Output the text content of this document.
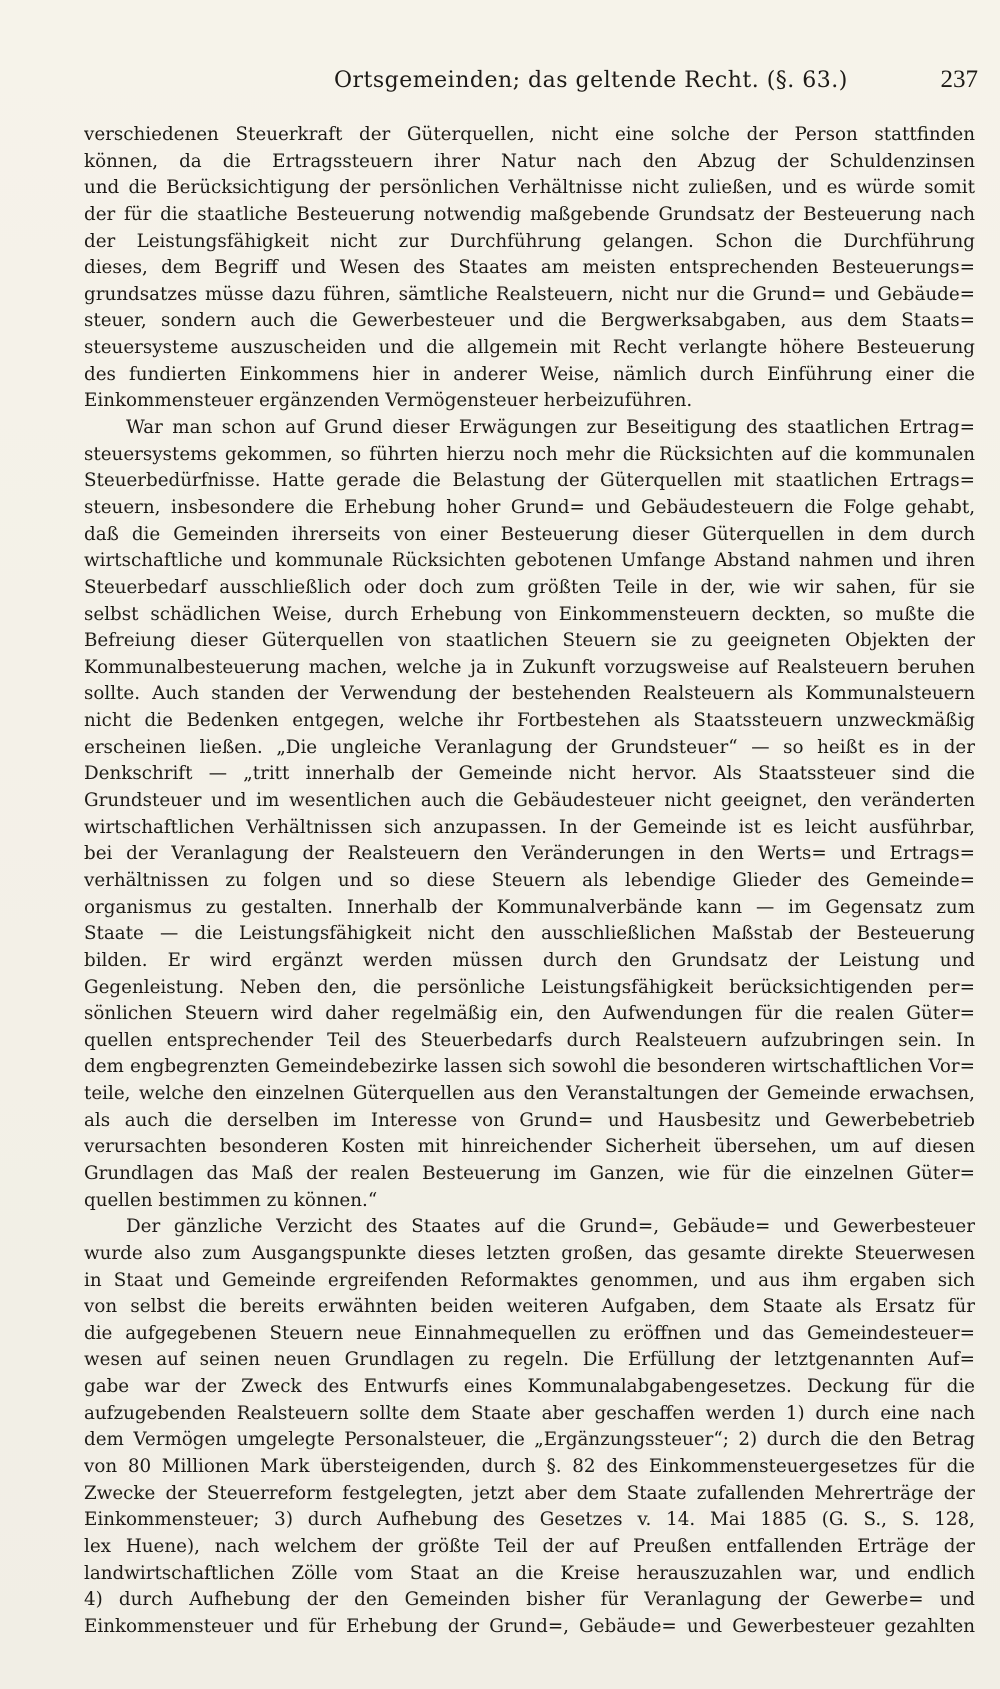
Ortsgemeinden; das geltende Recht. (§. 63.)	237
verschiedenen Steuerkraft der Güterquellen, nicht eine solche der Person stattfinden
können, da die Ertragssteuern ihrer Natur nach den Abzug der Schuldenzinsen
und die Berücksichtigung der persönlichen Verhältnisse nicht zuließen, und es würde somit
der für die staatliche Besteuerung notwendig maßgebende Grundsatz der Besteuerung nach
der Leistungsfähigkeit nicht zur Durchführung gelangen. Schon die Durchführung
dieses, dem Begriff und Wesen des Staates am meisten entsprechenden Besteuerungs=
grundsatzes müsse dazu führen, sämtliche Realsteuern, nicht nur die Grund= und Gebäude=
steuer, sondern auch die Gewerbesteuer und die Bergwerksabgaben, aus dem Staats=
steuersysteme auszuscheiden und die allgemein mit Recht verlangte höhere Besteuerung
des fundierten Einkommens hier in anderer Weise, nämlich durch Einführung einer die
Einkommensteuer ergänzenden Vermögensteuer herbeizuführen.
War man schon auf Grund dieser Erwägungen zur Beseitigung des staatlichen Ertrag=
steuersystems gekommen, so führten hierzu noch mehr die Rücksichten auf die kommunalen
Steuerbedürfnisse. Hatte gerade die Belastung der Güterquellen mit staatlichen Ertrags=
steuern, insbesondere die Erhebung hoher Grund= und Gebäudesteuern die Folge gehabt,
daß die Gemeinden ihrerseits von einer Besteuerung dieser Güterquellen in dem durch
wirtschaftliche und kommunale Rücksichten gebotenen Umfange Abstand nahmen und ihren
Steuerbedarf ausschließlich oder doch zum größten Teile in der, wie wir sahen, für sie
selbst schädlichen Weise, durch Erhebung von Einkommensteuern deckten, so mußte die
Befreiung dieser Güterquellen von staatlichen Steuern sie zu geeigneten Objekten der
Kommunalbesteuerung machen, welche ja in Zukunft vorzugsweise auf Realsteuern beruhen
sollte. Auch standen der Verwendung der bestehenden Realsteuern als Kommunalsteuern
nicht die Bedenken entgegen, welche ihr Fortbestehen als Staatssteuern unzweckmäßig
erscheinen ließen. „Die ungleiche Veranlagung der Grundsteuer“ — so heißt es in der
Denkschrift — „tritt innerhalb der Gemeinde nicht hervor. Als Staatssteuer sind die
Grundsteuer und im wesentlichen auch die Gebäudesteuer nicht geeignet, den veränderten
wirtschaftlichen Verhältnissen sich anzupassen. In der Gemeinde ist es leicht ausführbar,
bei der Veranlagung der Realsteuern den Veränderungen in den Werts= und Ertrags=
verhältnissen zu folgen und so diese Steuern als lebendige Glieder des Gemeinde=
organismus zu gestalten. Innerhalb der Kommunalverbände kann — im Gegensatz zum
Staate — die Leistungsfähigkeit nicht den ausschließlichen Maßstab der Besteuerung
bilden. Er wird ergänzt werden müssen durch den Grundsatz der Leistung und
Gegenleistung. Neben den, die persönliche Leistungsfähigkeit berücksichtigenden per=
sönlichen Steuern wird daher regelmäßig ein, den Aufwendungen für die realen Güter=
quellen entsprechender Teil des Steuerbedarfs durch Realsteuern aufzubringen sein. In
dem engbegrenzten Gemeindebezirke lassen sich sowohl die besonderen wirtschaftlichen Vor=
teile, welche den einzelnen Güterquellen aus den Veranstaltungen der Gemeinde erwachsen,
als auch die derselben im Interesse von Grund= und Hausbesitz und Gewerbebetrieb
verursachten besonderen Kosten mit hinreichender Sicherheit übersehen, um auf diesen
Grundlagen das Maß der realen Besteuerung im Ganzen, wie für die einzelnen Güter=
quellen bestimmen zu können.“
Der gänzliche Verzicht des Staates auf die Grund=, Gebäude= und Gewerbesteuer
wurde also zum Ausgangspunkte dieses letzten großen, das gesamte direkte Steuerwesen
in Staat und Gemeinde ergreifenden Reformaktes genommen, und aus ihm ergaben sich
von selbst die bereits erwähnten beiden weiteren Aufgaben, dem Staate als Ersatz für
die aufgegebenen Steuern neue Einnahmequellen zu eröffnen und das Gemeindesteuer=
wesen auf seinen neuen Grundlagen zu regeln. Die Erfüllung der letztgenannten Auf=
gabe war der Zweck des Entwurfs eines Kommunalabgabengesetzes. Deckung für die
aufzugebenden Realsteuern sollte dem Staate aber geschaffen werden 1) durch eine nach
dem Vermögen umgelegte Personalsteuer, die „Ergänzungssteuer“; 2) durch die den Betrag
von 80 Millionen Mark übersteigenden, durch §. 82 des Einkommensteuergesetzes für die
Zwecke der Steuerreform festgelegten, jetzt aber dem Staate zufallenden Mehrerträge der
Einkommensteuer; 3) durch Aufhebung des Gesetzes v. 14. Mai 1885 (G. S., S. 128,
lex Huene), nach welchem der größte Teil der auf Preußen entfallenden Erträge der
landwirtschaftlichen Zölle vom Staat an die Kreise herauszuzahlen war, und endlich
4) durch Aufhebung der den Gemeinden bisher für Veranlagung der Gewerbe= und
Einkommensteuer und für Erhebung der Grund=, Gebäude= und Gewerbesteuer gezahlten
